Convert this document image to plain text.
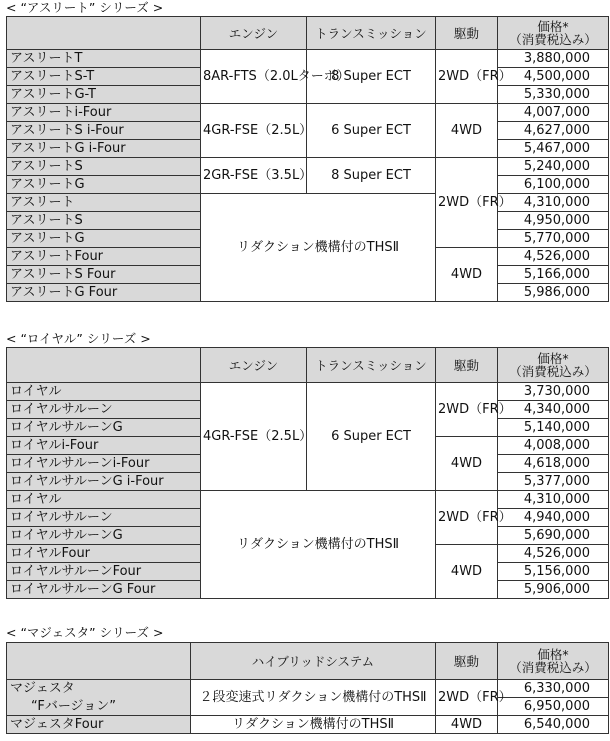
< “アスリート” シリーズ >
	エンジン	トランスミッション	駆動	価格*
（消費税込み）

アスリートT	8AR-FTS（2.0Lターボ）	8 Super ECT	2WD（FR）	3,880,000
アスリートS-T				4,500,000
アスリートG-T				5,330,000
アスリートi-Four	4GR-FSE（2.5L）	6 Super ECT	4WD	4,007,000
アスリートS i-Four				4,627,000
アスリートG i-Four				5,467,000
アスリートS	2GR-FSE（3.5L）	8 Super ECT	2WD（FR）	5,240,000
アスリートG				6,100,000
アスリート	リダクション機構付のTHSⅡ			4,310,000
アスリートS				4,950,000
アスリートG				5,770,000
アスリートFour			4WD	4,526,000
アスリートS Four				5,166,000
アスリートG Four				5,986,000
< “ロイヤル” シリーズ >
	エンジン	トランスミッション	駆動	価格*
（消費税込み）

ロイヤル	4GR-FSE（2.5L）	6 Super ECT	2WD（FR）	3,730,000
ロイヤルサルーン				4,340,000
ロイヤルサルーンG				5,140,000
ロイヤルi-Four			4WD	4,008,000
ロイヤルサルーンi-Four				4,618,000
ロイヤルサルーンG i-Four				5,377,000
ロイヤル	リダクション機構付のTHSⅡ		2WD（FR）	4,310,000
ロイヤルサルーン				4,940,000
ロイヤルサルーンG				5,690,000
ロイヤルFour			4WD	4,526,000
ロイヤルサルーンFour				5,156,000
ロイヤルサルーンG Four				5,906,000
< “マジェスタ” シリーズ >
	ハイブリッドシステム	駆動	価格*
（消費税込み）

マジェスタ	２段変速式リダクション機構付のTHSⅡ	2WD（FR）	6,330,000
“Fバージョン”			6,950,000
マジェスタFour	リダクション機構付のTHSⅡ	4WD	6,540,000
